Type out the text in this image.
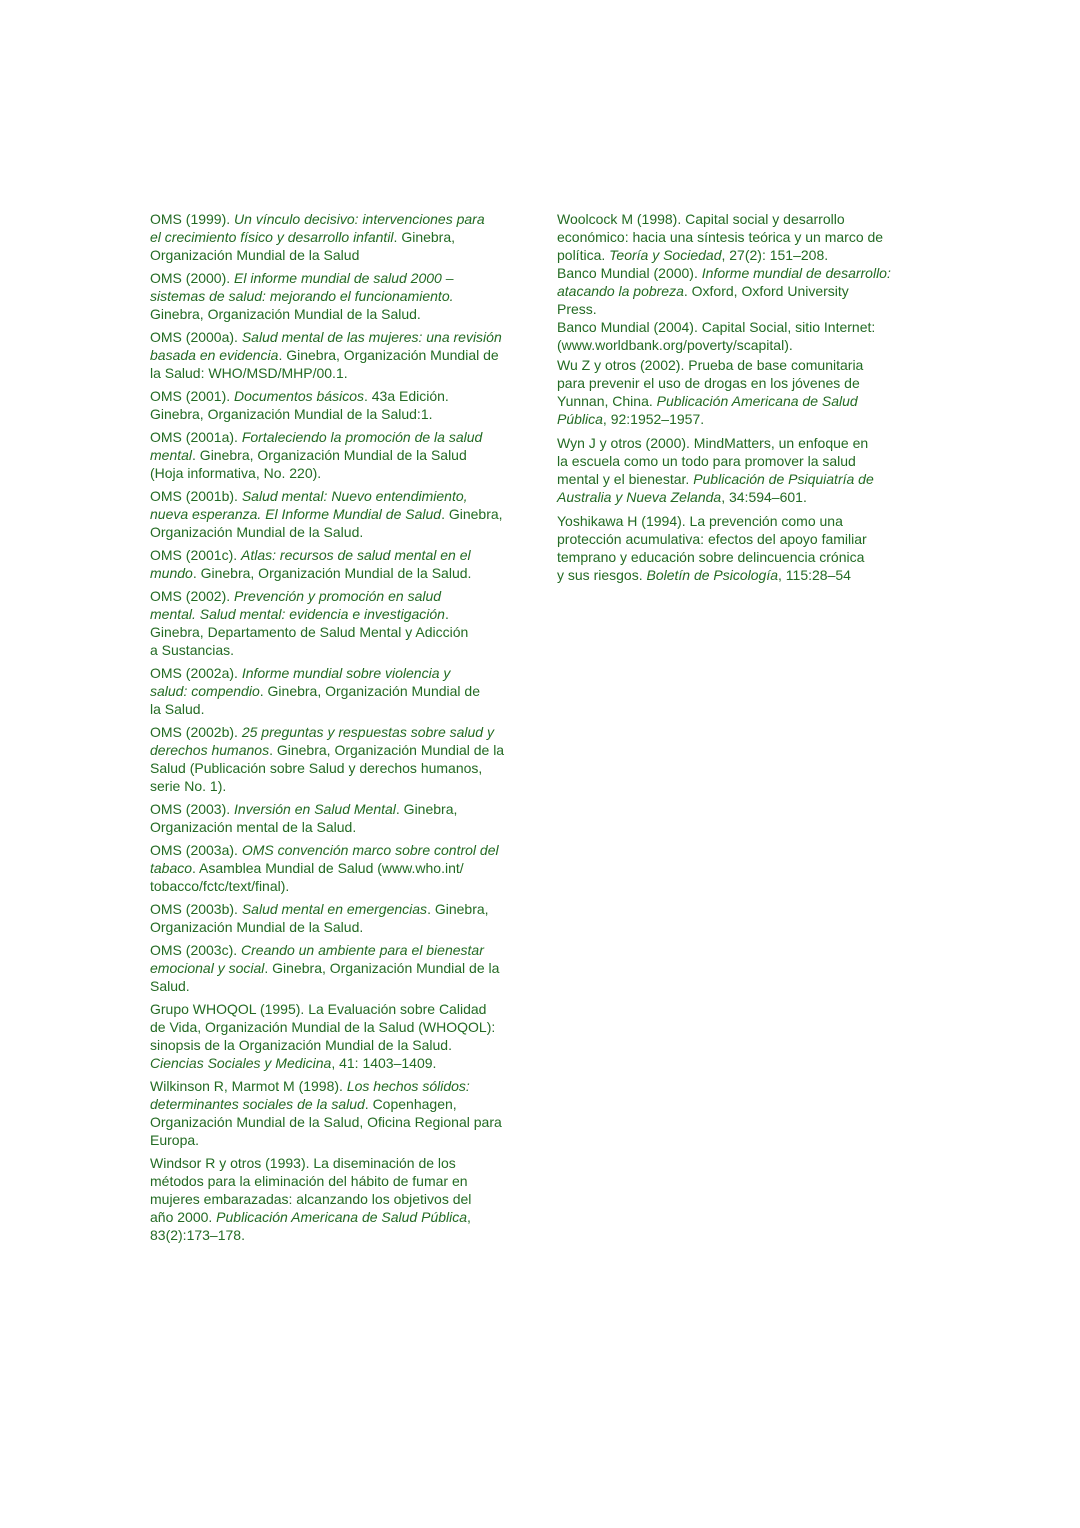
OMS (1999). Un vínculo decisivo: intervenciones para
el crecimiento físico y desarrollo infantil. Ginebra,
Organización Mundial de la Salud

OMS (2000). El informe mundial de salud 2000 –
sistemas de salud: mejorando el funcionamiento.
Ginebra, Organización Mundial de la Salud.

OMS (2000a). Salud mental de las mujeres: una revisión
basada en evidencia. Ginebra, Organización Mundial de
la Salud: WHO/MSD/MHP/00.1.

OMS (2001). Documentos básicos. 43a Edición.
Ginebra, Organización Mundial de la Salud:1.

OMS (2001a). Fortaleciendo la promoción de la salud
mental. Ginebra, Organización Mundial de la Salud
(Hoja informativa, No. 220).

OMS (2001b). Salud mental: Nuevo entendimiento,
nueva esperanza. El Informe Mundial de Salud. Ginebra,
Organización Mundial de la Salud.

OMS (2001c). Atlas: recursos de salud mental en el
mundo. Ginebra, Organización Mundial de la Salud.

OMS (2002). Prevención y promoción en salud
mental. Salud mental: evidencia e investigación.
Ginebra, Departamento de Salud Mental y Adicción
a Sustancias.

OMS (2002a). Informe mundial sobre violencia y
salud: compendio. Ginebra, Organización Mundial de
la Salud.

OMS (2002b). 25 preguntas y respuestas sobre salud y
derechos humanos. Ginebra, Organización Mundial de la
Salud (Publicación sobre Salud y derechos humanos,
serie No. 1).

OMS (2003). Inversión en Salud Mental. Ginebra,
Organización mental de la Salud.

OMS (2003a). OMS convención marco sobre control del
tabaco. Asamblea Mundial de Salud (www.who.int/
tobacco/fctc/text/final).

OMS (2003b). Salud mental en emergencias. Ginebra,
Organización Mundial de la Salud.

OMS (2003c). Creando un ambiente para el bienestar
emocional y social. Ginebra, Organización Mundial de la
Salud.

Grupo WHOQOL (1995). La Evaluación sobre Calidad
de Vida, Organización Mundial de la Salud (WHOQOL):
sinopsis de la Organización Mundial de la Salud.
Ciencias Sociales y Medicina, 41: 1403–1409.

Wilkinson R, Marmot M (1998). Los hechos sólidos:
determinantes sociales de la salud. Copenhagen,
Organización Mundial de la Salud, Oficina Regional para
Europa.

Windsor R y otros (1993). La diseminación de los
métodos para la eliminación del hábito de fumar en
mujeres embarazadas: alcanzando los objetivos del
año 2000. Publicación Americana de Salud Pública,
83(2):173–178.

Woolcock M (1998). Capital social y desarrollo
económico: hacia una síntesis teórica y un marco de
política. Teoría y Sociedad, 27(2): 151–208.

Banco Mundial (2000). Informe mundial de desarrollo:
atacando la pobreza. Oxford, Oxford University
Press.

Banco Mundial (2004). Capital Social, sitio Internet:
(www.worldbank.org/poverty/scapital).

Wu Z y otros (2002). Prueba de base comunitaria
para prevenir el uso de drogas en los jóvenes de
Yunnan, China. Publicación Americana de Salud
Pública, 92:1952–1957.

Wyn J y otros (2000). MindMatters, un enfoque en
la escuela como un todo para promover la salud
mental y el bienestar. Publicación de Psiquiatría de
Australia y Nueva Zelanda, 34:594–601.

Yoshikawa H (1994). La prevención como una
protección acumulativa: efectos del apoyo familiar
temprano y educación sobre delincuencia crónica
y sus riesgos. Boletín de Psicología, 115:28–54
